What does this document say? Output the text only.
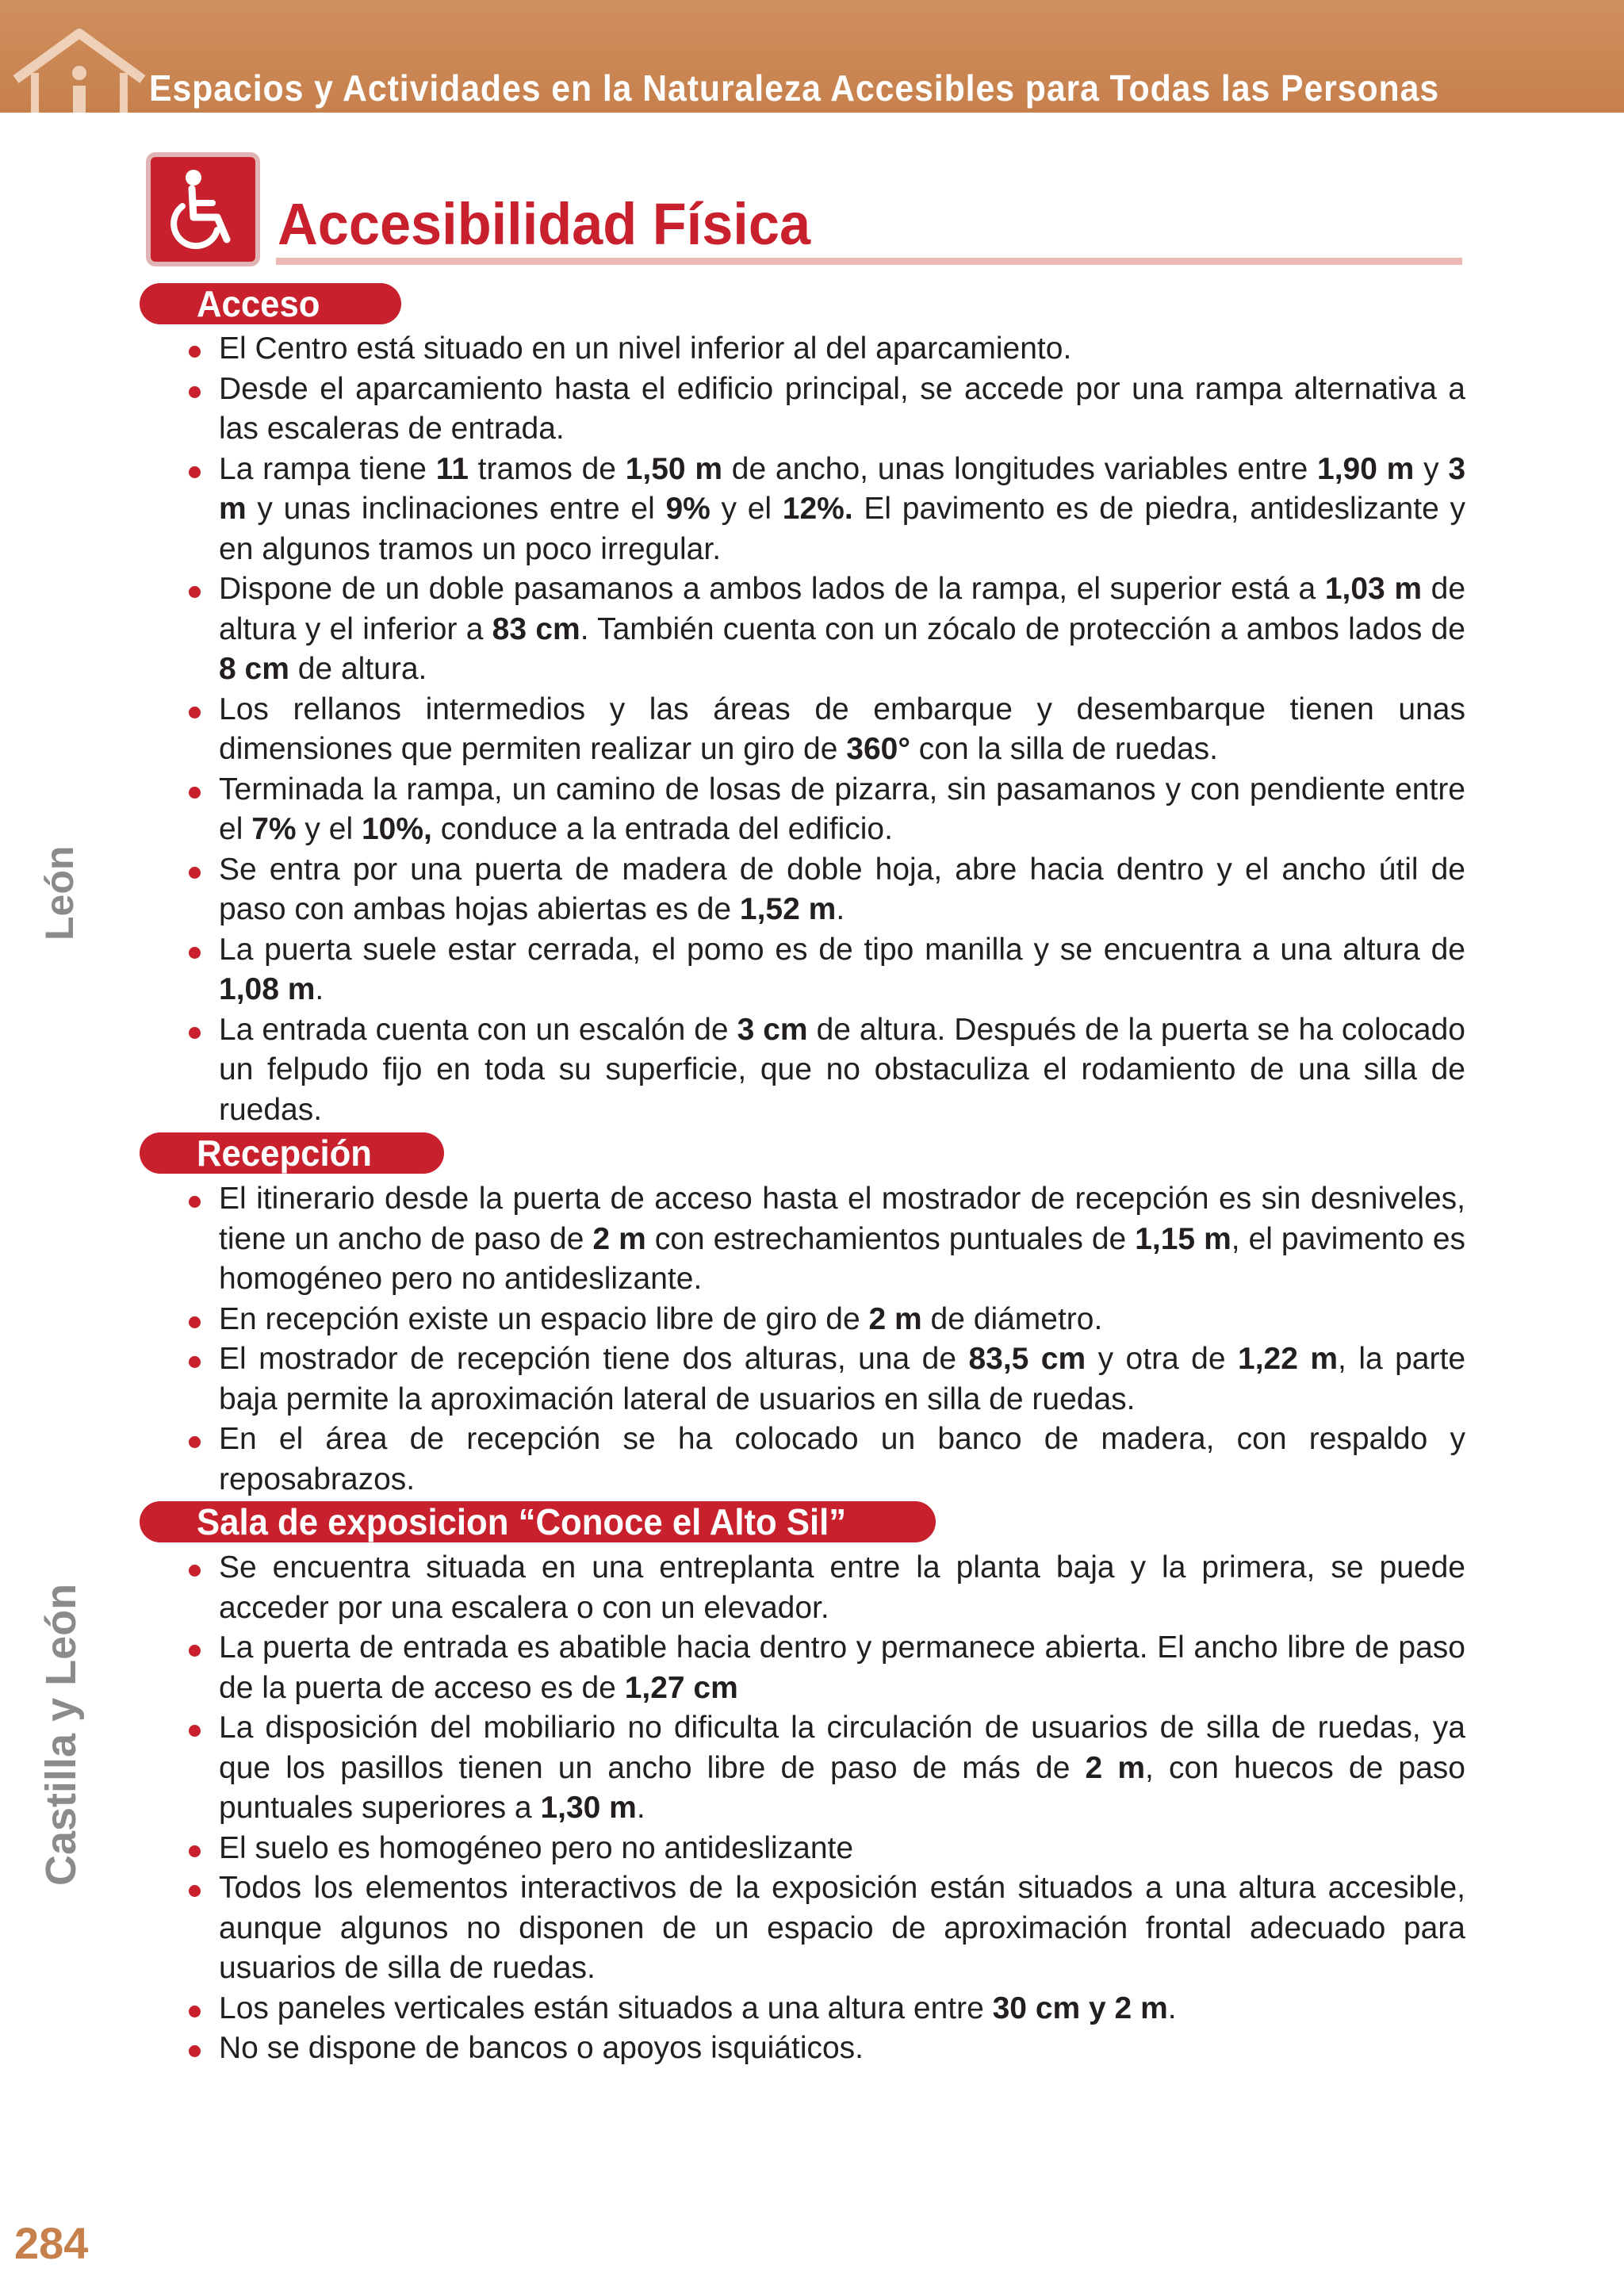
Espacios y Actividades en la Naturaleza Accesibles para Todas las Personas
León
Castilla y León
Accesibilidad Física
Acceso
El Centro está situado en un nivel inferior al del aparcamiento.
Desde el aparcamiento hasta el edificio principal, se accede por una rampa alternativa a las escaleras de entrada.
La rampa tiene 11 tramos de 1,50 m de ancho, unas longitudes variables entre 1,90 m y 3 m y unas inclinaciones entre el 9% y el 12%. El pavimento es de piedra, antideslizante y en algunos tramos un poco irregular.
Dispone de un doble pasamanos a ambos lados de la rampa, el superior está a 1,03 m de altura y el inferior a 83 cm. También cuenta con un zócalo de protección a ambos lados de 8 cm de altura.
Los rellanos intermedios y las áreas de embarque y desembarque tienen unas dimensiones que permiten realizar un giro de 360° con la silla de ruedas.
Terminada la rampa, un camino de losas de pizarra, sin pasamanos y con pendiente entre el 7% y el 10%, conduce a la entrada del edificio.
Se entra por una puerta de madera de doble hoja, abre hacia dentro y el ancho útil de paso con ambas hojas abiertas es de 1,52 m.
La puerta suele estar cerrada, el pomo es de tipo manilla y se encuentra a una altura de 1,08 m.
La entrada cuenta con un escalón de 3 cm de altura. Después de la puerta se ha colocado un felpudo fijo en toda su superficie, que no obstaculiza el rodamiento de una silla de ruedas.
Recepción
El itinerario desde la puerta de acceso hasta el mostrador de recepción es sin desniveles, tiene un ancho de paso de 2 m con estrechamientos puntuales de 1,15 m, el pavimento es homogéneo pero no antideslizante.
En recepción existe un espacio libre de giro de 2 m de diámetro.
El mostrador de recepción tiene dos alturas, una de 83,5 cm y otra de 1,22 m, la parte baja permite la aproximación lateral de usuarios en silla de ruedas.
En el área de recepción se ha colocado un banco de madera, con respaldo y reposabrazos.
Sala de exposicion “Conoce el Alto Sil”
Se encuentra situada en una entreplanta entre la planta baja y la primera, se puede acceder por una escalera o con un elevador.
La puerta de entrada es abatible hacia dentro y permanece abierta. El ancho libre de paso de la puerta de acceso es de 1,27 cm
La disposición del mobiliario no dificulta la circulación de usuarios de silla de ruedas, ya que los pasillos tienen un ancho libre de paso de más de 2 m, con huecos de paso puntuales superiores a 1,30 m.
El suelo es homogéneo pero no antideslizante
Todos los elementos interactivos de la exposición están situados a una altura accesible, aunque algunos no disponen de un espacio de aproximación frontal adecuado para usuarios de silla de ruedas.
Los paneles verticales están situados a una altura entre 30 cm y 2 m.
No se dispone de bancos o apoyos isquiáticos.
284
